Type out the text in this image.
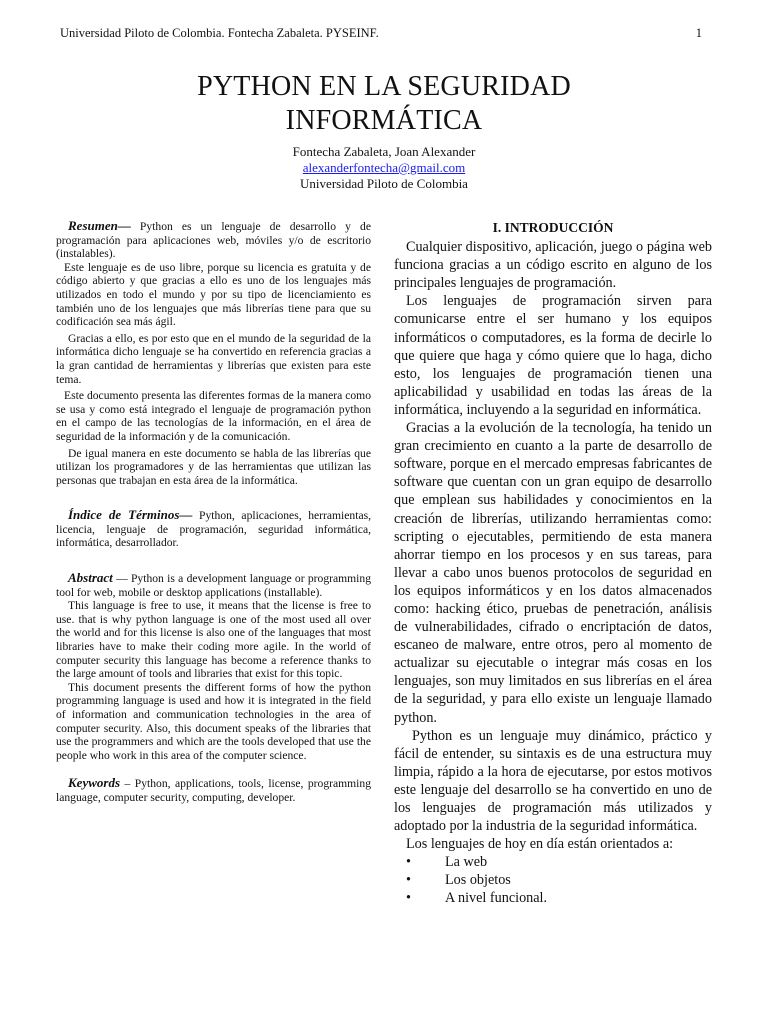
Universidad Piloto de Colombia. Fontecha Zabaleta. PYSEINF.	1
PYTHON EN LA SEGURIDAD
INFORMÁTICA
Fontecha Zabaleta, Joan Alexander
alexanderfontecha@gmail.com
Universidad Piloto de Colombia

Resumen— Python es un lenguaje de desarrollo y de programación para aplicaciones web, móviles y/o de escritorio (instalables).

Este lenguaje es de uso libre, porque su licencia es gratuita y de código abierto y que gracias a ello es uno de los lenguajes más utilizados en todo el mundo y por su tipo de licenciamiento es también uno de los lenguajes que más librerías tiene para que su codificación sea más ágil.

Gracias a ello, es por esto que en el mundo de la seguridad de la informática dicho lenguaje se ha convertido en referencia gracias a la gran cantidad de herramientas y librerías que existen para este tema.

Este documento presenta las diferentes formas de la manera como se usa y como está integrado el lenguaje de programación python en el campo de las tecnologías de la información, en el área de seguridad de la información y de la comunicación.

De igual manera en este documento se habla de las librerías que utilizan los programadores y de las herramientas que utilizan las personas que trabajan en esta área de la informática.

Índice de Términos— Python, aplicaciones, herramientas, licencia, lenguaje de programación, seguridad informática, informática, desarrollador.

Abstract — Python is a development language or programming tool for web, mobile or desktop applications (installable).

This language is free to use, it means that the license is free to use. that is why python language is one of the most used all over the world and for this license is also one of the languages that most libraries have to make their coding more agile. In the world of computer security this language has become a reference thanks to the large amount of tools and libraries that exist for this topic.

This document presents the different forms of how the python programming language is used and how it is integrated in the field of information and communication technologies in the area of computer security. Also, this document speaks of the libraries that use the programmers and which are the tools developed that use the people who work in this area of the computer science.

Keywords – Python, applications, tools, license, programming language, computer security, computing, developer.

I. INTRODUCCIÓN

Cualquier dispositivo, aplicación, juego o página web funciona gracias a un código escrito en alguno de los principales lenguajes de programación.

Los lenguajes de programación sirven para comunicarse entre el ser humano y los equipos informáticos o computadores, es la forma de decirle lo que quiere que haga y cómo quiere que lo haga, dicho esto, los lenguajes de programación tienen una aplicabilidad y usabilidad en todas las áreas de la informática, incluyendo a la seguridad en informática.

Gracias a la evolución de la tecnología, ha tenido un gran crecimiento en cuanto a la parte de desarrollo de software, porque en el mercado empresas fabricantes de software que cuentan con un gran equipo de desarrollo que emplean sus habilidades y conocimientos en la creación de librerías, utilizando herramientas como: scripting o ejecutables, permitiendo de esta manera ahorrar tiempo en los procesos y en sus tareas, para llevar a cabo unos buenos protocolos de seguridad en los equipos informáticos y en los datos almacenados como: hacking ético, pruebas de penetración, análisis de vulnerabilidades, cifrado o encriptación de datos, escaneo de malware, entre otros, pero al momento de actualizar su ejecutable o integrar más cosas en los lenguajes, son muy limitados en sus librerías en el área de la seguridad, y para ello existe un lenguaje llamado python.

Python es un lenguaje muy dinámico, práctico y fácil de entender, su sintaxis es de una estructura muy limpia, rápido a la hora de ejecutarse, por estos motivos este lenguaje del desarrollo se ha convertido en uno de los lenguajes de programación más utilizados y adoptado por la industria de la seguridad informática.

Los lenguajes de hoy en día están orientados a:

• La web
• Los objetos
• A nivel funcional.
